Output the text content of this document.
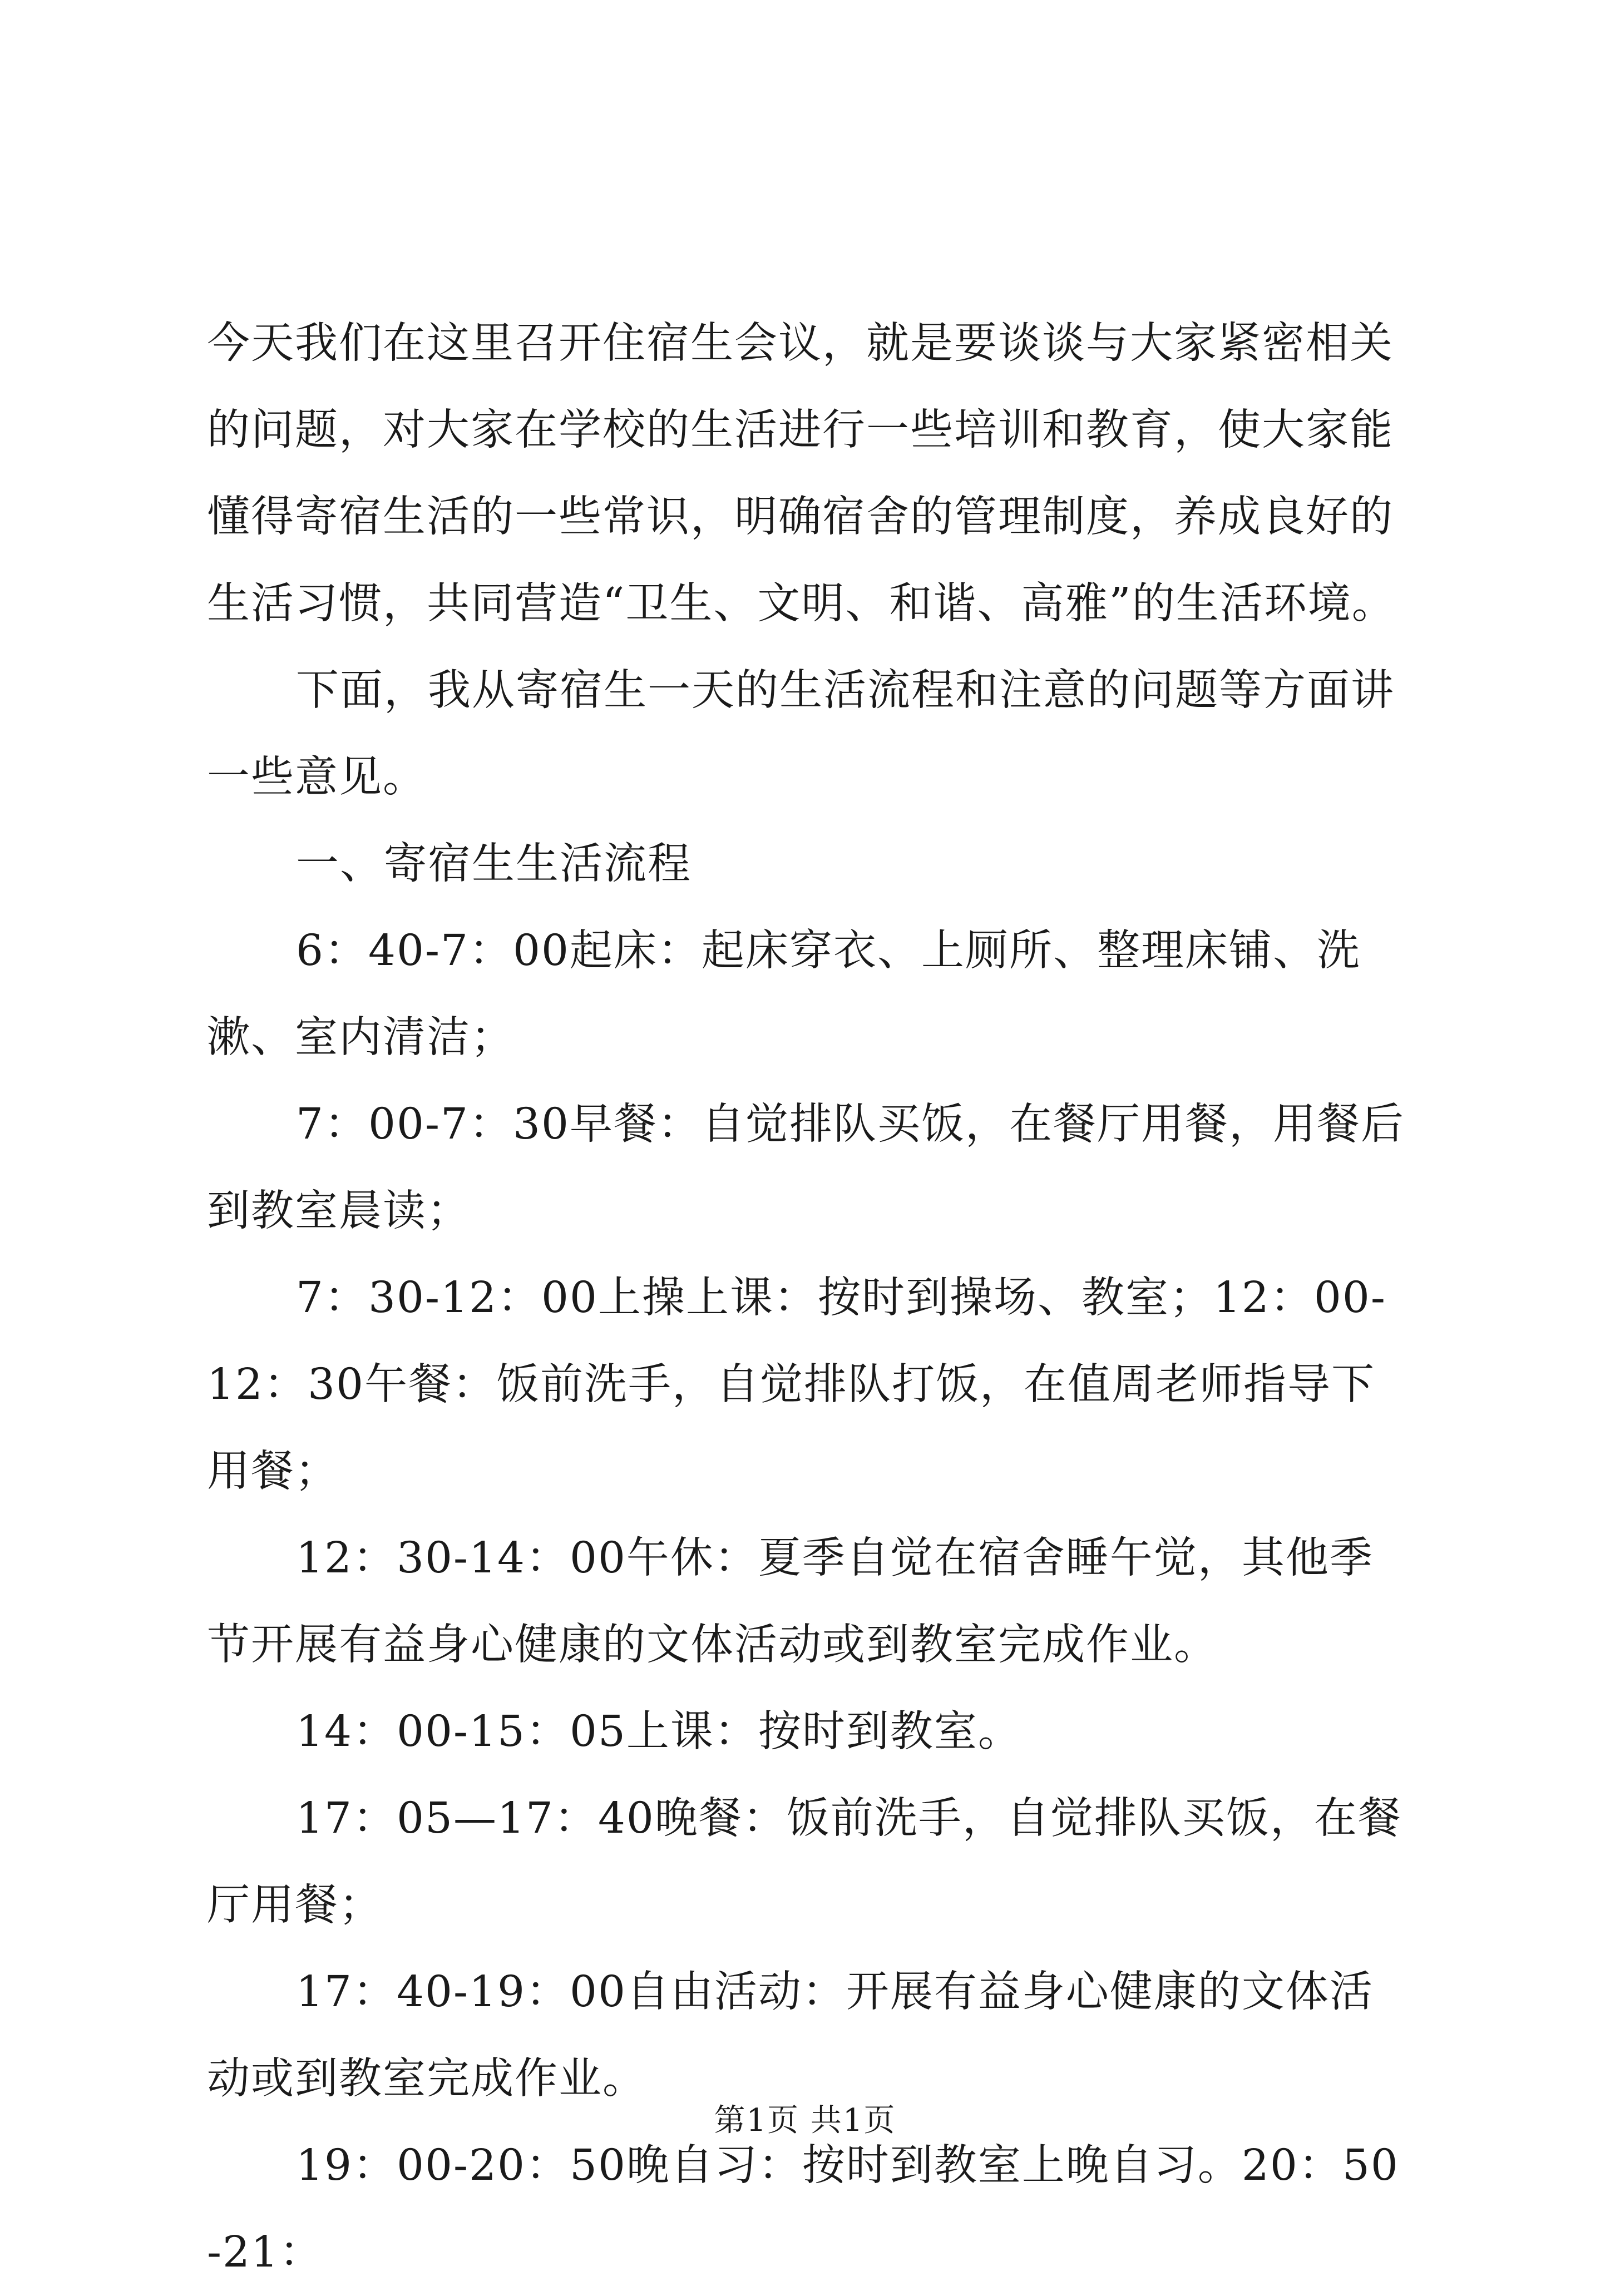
今天我们在这里召开住宿生会议，就是要谈谈与大家紧密相关的问题，对大家在学校的生活进行一些培训和教育，使大家能懂得寄宿生活的一些常识，明确宿舍的管理制度，养成良好的生活习惯，共同营造“卫生、文明、和谐、高雅”的生活环境。

下面，我从寄宿生一天的生活流程和注意的问题等方面讲一些意见。

一、寄宿生生活流程

6：40-7：00起床：起床穿衣、上厕所、整理床铺、洗漱、室内清洁；

7：00-7：30早餐：自觉排队买饭，在餐厅用餐，用餐后到教室晨读；

7：30-12：00上操上课：按时到操场、教室；12：00-12：30午餐：饭前洗手，自觉排队打饭，在值周老师指导下用餐；

12：30-14：00午休：夏季自觉在宿舍睡午觉，其他季节开展有益身心健康的文体活动或到教室完成作业。

14：00-15：05上课：按时到教室。

17：05—17：40晚餐：饭前洗手，自觉排队买饭，在餐厅用餐；

17：40-19：00自由活动：开展有益身心健康的文体活动或到教室完成作业。

19：00-20：50晚自习：按时到教室上晚自习。20：50-21：

第1页 共1页
